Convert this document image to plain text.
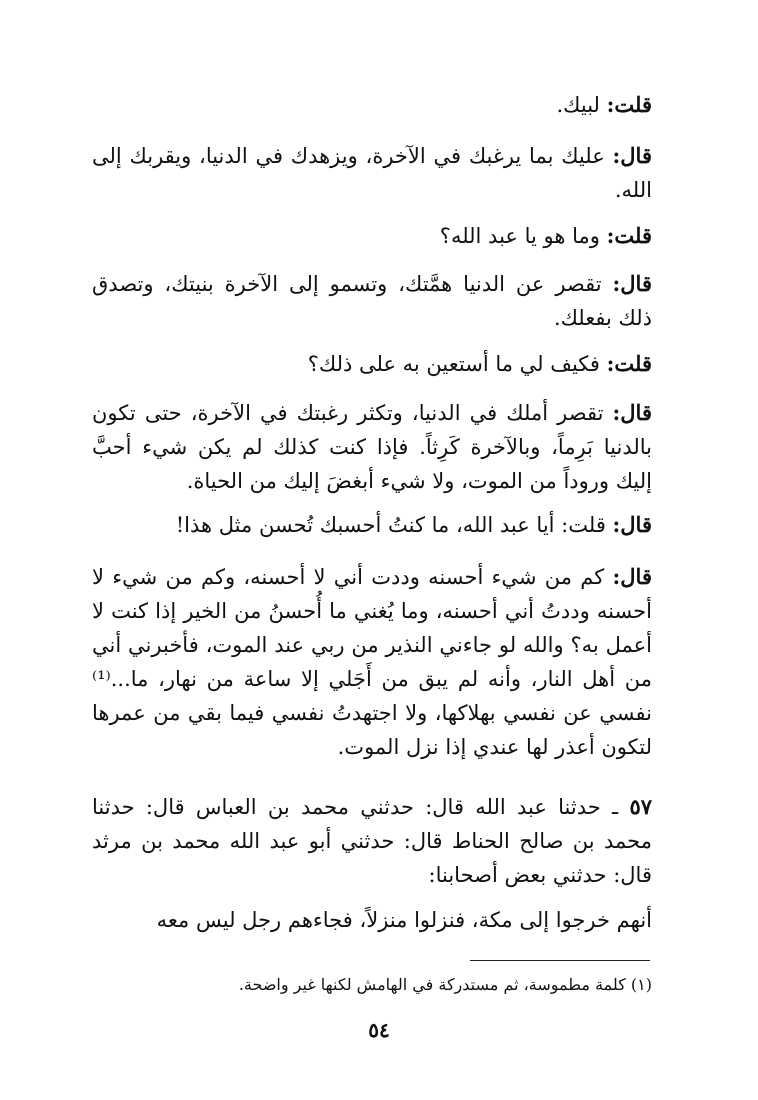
قلت: لبيك.

قال: عليك بما يرغبك في الآخرة، ويزهدك في الدنيا، ويقربك إلى الله.

قلت: وما هو يا عبد الله؟

قال: تقصر عن الدنيا همَّتك، وتسمو إلى الآخرة بنيتك، وتصدق ذلك بفعلك.

قلت: فكيف لي ما أستعين به على ذلك؟

قال: تقصر أملك في الدنيا، وتكثر رغبتك في الآخرة، حتى تكون بالدنيا بَرِماً، وبالآخرة كَرِثاً. فإذا كنت كذلك لم يكن شيء أحبَّ إليك وروداً من الموت، ولا شيء أبغضَ إليك من الحياة.

قال: قلت: أيا عبد الله، ما كنتُ أحسبك تُحسن مثل هذا!

قال: كم من شيء أحسنه وددت أني لا أحسنه، وكم من شيء لا أحسنه وددتُ أني أحسنه، وما يُغني ما أُحسنُ من الخير إذا كنت لا أعمل به؟ والله لو جاءني النذير من ربي عند الموت، فأخبرني أني من أهل النار، وأنه لم يبق من أَجَلي إلا ساعة من نهار، ما...⁽¹⁾ نفسي عن نفسي بهلاكها، ولا اجتهدتُ نفسي فيما بقي من عمرها لتكون أعذر لها عندي إذا نزل الموت.

٥٧ ـ حدثنا عبد الله قال: حدثني محمد بن العباس قال: حدثنا محمد بن صالح الحناط قال: حدثني أبو عبد الله محمد بن مرثد قال: حدثني بعض أصحابنا:

أنهم خرجوا إلى مكة، فنزلوا منزلاً، فجاءهم رجل ليس معه

(١) كلمة مطموسة، ثم مستدركة في الهامش لكنها غير واضحة.

٥٤
